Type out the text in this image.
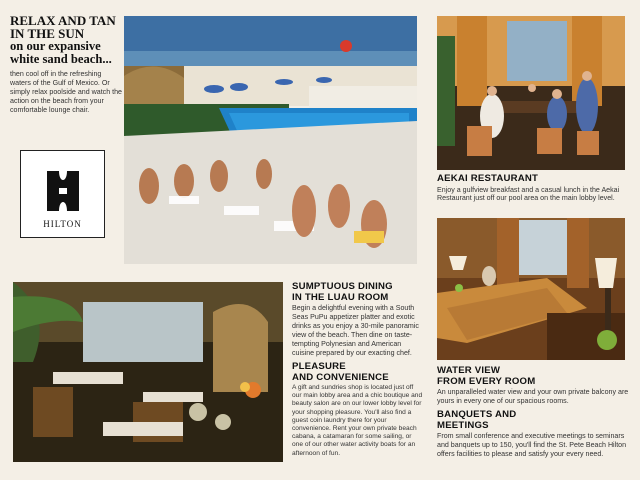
RELAX AND TAN
IN THE SUN
on our expansive
white sand beach...
then cool off in the refreshing waters of the Gulf of Mexico. Or simply relax poolside and watch the action on the beach from your comfortable lounge chair.
HILTON
AEKAI RESTAURANT
Enjoy a gulfview breakfast and a casual lunch in the Aekai Restaurant just off our pool area on the main lobby level.
SUMPTUOUS DINING
IN THE LUAU ROOM
Begin a delightful evening with a South Seas PuPu appetizer platter and exotic drinks as you enjoy a 30-mile panoramic view of the beach. Then dine on taste-tempting Polynesian and American cuisine prepared by our exacting chef.
PLEASURE
AND CONVENIENCE
A gift and sundries shop is located just off our main lobby area and a chic boutique and beauty salon are on our lower lobby level for your shopping pleasure. You'll also find a guest coin laundry there for your convenience. Rent your own private beach cabana, a catamaran for some sailing, or one of our other water activity boats for an afternoon of fun.
WATER VIEW
FROM EVERY ROOM
An unparalleled water view and your own private balcony are yours in every one of our spacious rooms.
BANQUETS AND
MEETINGS
From small conference and executive meetings to seminars and banquets up to 150, you'll find the St. Pete Beach Hilton offers facilities to please and satisfy your every need.
